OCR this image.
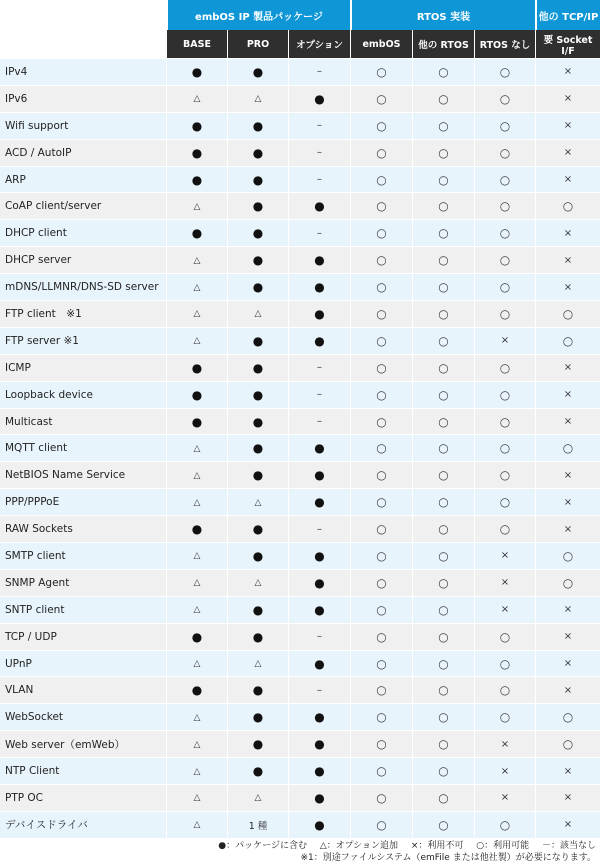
	embOS IP 製品パッケージ			RTOS 実装			他の TCP/IP
	BASE	PRO	オプション	embOS	他の RTOS	RTOS なし	要 Socket I/F
IPv4	●	●	–	○	○	○	×
IPv6	△	△	●	○	○	○	×
Wifi support	●	●	–	○	○	○	×
ACD / AutoIP	●	●	–	○	○	○	×
ARP	●	●	–	○	○	○	×
CoAP client/server	△	●	●	○	○	○	○
DHCP client	●	●	–	○	○	○	×
DHCP server	△	●	●	○	○	○	×
mDNS/LLMNR/DNS-SD server	△	●	●	○	○	○	×
FTP client　※1	△	△	●	○	○	○	○
FTP server ※1	△	●	●	○	○	×	○
ICMP	●	●	–	○	○	○	×
Loopback device	●	●	–	○	○	○	×
Multicast	●	●	–	○	○	○	×
MQTT client	△	●	●	○	○	○	○
NetBIOS Name Service	△	●	●	○	○	○	×
PPP/PPPoE	△	△	●	○	○	○	×
RAW Sockets	●	●	–	○	○	○	×
SMTP client	△	●	●	○	○	×	○
SNMP Agent	△	△	●	○	○	×	○
SNTP client	△	●	●	○	○	×	×
TCP / UDP	●	●	–	○	○	○	×
UPnP	△	△	●	○	○	○	×
VLAN	●	●	–	○	○	○	×
WebSocket	△	●	●	○	○	○	○
Web server（emWeb）	△	●	●	○	○	×	○
NTP Client	△	●	●	○	○	×	×
PTP OC	△	△	●	○	○	×	×
デバイスドライバ	△	1 種	●	○	○	○	×
●：パッケージに含む △：オプション追加 ×：利用不可 ○：利用可能 －：該当なし
※1：別途ファイルシステム（emFile または他社製）が必要になります。
